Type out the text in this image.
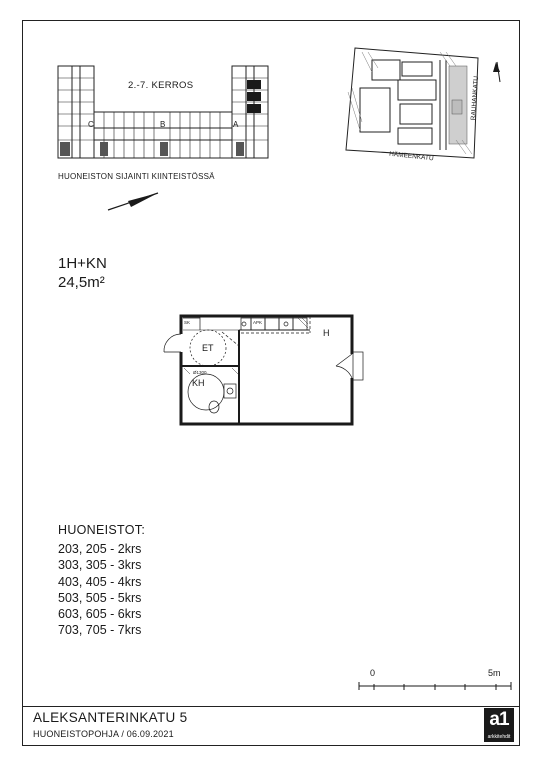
2.-7. KERROS
C	B	A
HUONEISTON SIJAINTI KIINTEISTÖSSÄ
HÄMEENKATU
RAUHANKATU
1H+KN
24,5m²
ET
KH
H
SK	APK
Ø1300
HUONEISTOT:
203, 205 - 2krs
303, 305 - 3krs
403, 405 - 4krs
503, 505 - 5krs
603, 605 - 6krs
703, 705 - 7krs
0	5m
ALEKSANTERINKATU 5
HUONEISTOPOHJA / 06.09.2021
a1
arkkitehdit
